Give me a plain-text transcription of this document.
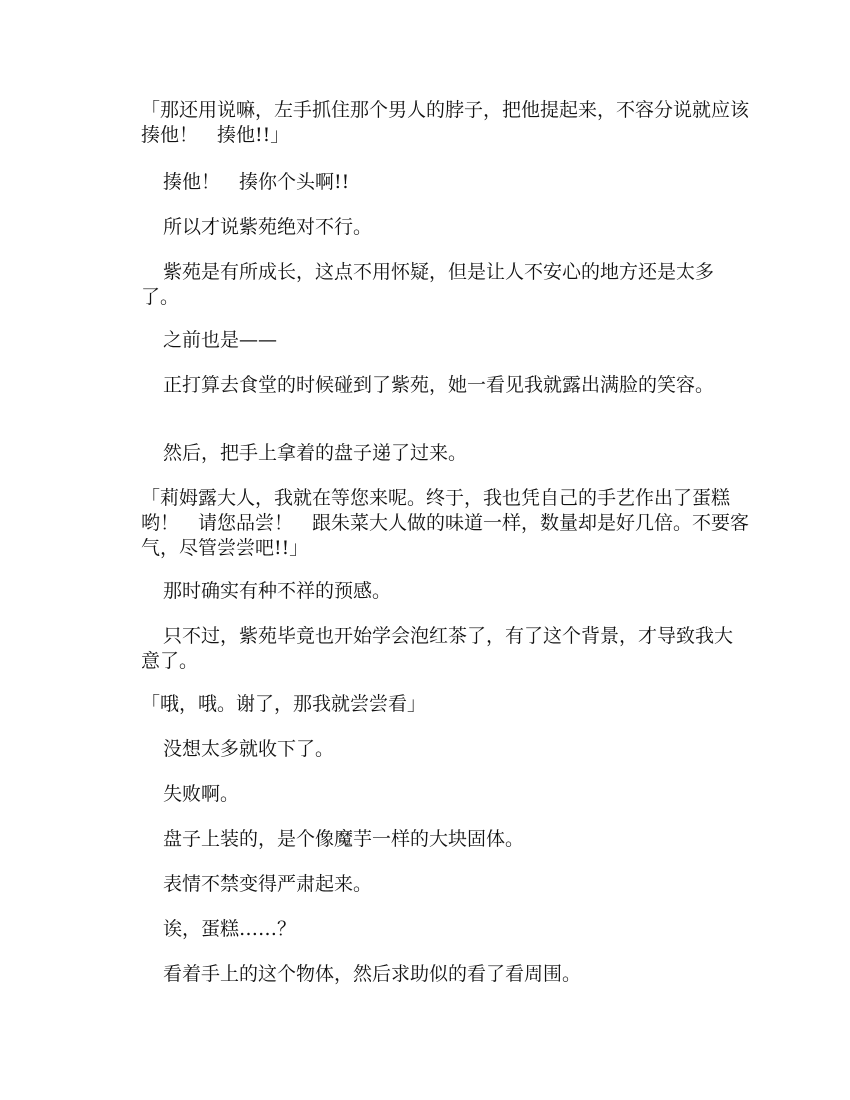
「那还用说嘛，左手抓住那个男人的脖子，把他提起来，不容分说就应该揍他！　揍他!!」

揍他！　揍你个头啊!!

所以才说紫苑绝对不行。

紫苑是有所成长，这点不用怀疑，但是让人不安心的地方还是太多了。

之前也是——

正打算去食堂的时候碰到了紫苑，她一看见我就露出满脸的笑容。

然后，把手上拿着的盘子递了过来。

「莉姆露大人，我就在等您来呢。终于，我也凭自己的手艺作出了蛋糕哟！　请您品尝！　跟朱菜大人做的味道一样，数量却是好几倍。不要客气，尽管尝尝吧!!」

那时确实有种不祥的预感。

只不过，紫苑毕竟也开始学会泡红茶了，有了这个背景，才导致我大意了。

「哦，哦。谢了，那我就尝尝看」

没想太多就收下了。

失败啊。

盘子上装的，是个像魔芋一样的大块固体。

表情不禁变得严肃起来。

诶，蛋糕……？

看着手上的这个物体，然后求助似的看了看周围。
